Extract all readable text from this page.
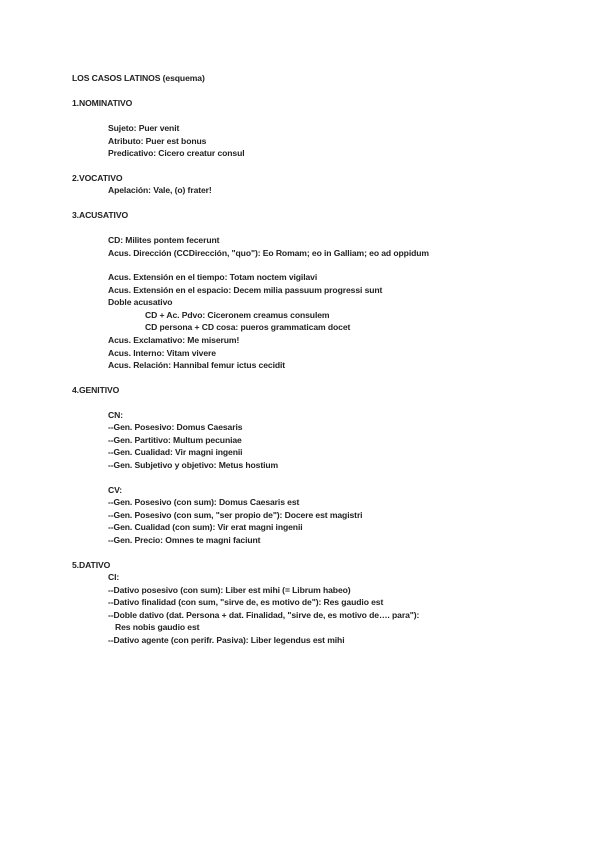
LOS CASOS LATINOS (esquema)
1.NOMINATIVO
Sujeto: Puer venit
Atributo: Puer est bonus
Predicativo: Cicero creatur consul
2.VOCATIVO
Apelación: Vale, (o) frater!
3.ACUSATIVO
CD: Milites pontem fecerunt
Acus. Dirección (CCDirección, "quo"): Eo Romam; eo in Galliam; eo ad oppidum
Acus. Extensión en el tiempo: Totam noctem vigilavi
Acus. Extensión en el espacio: Decem milia passuum progressi sunt
Doble acusativo
CD + Ac. Pdvo: Ciceronem creamus consulem
CD persona + CD cosa: pueros grammaticam docet
Acus. Exclamativo: Me miserum!
Acus. Interno: Vitam vivere
Acus. Relación: Hannibal femur ictus cecidit
4.GENITIVO
CN:
--Gen. Posesivo: Domus Caesaris
--Gen. Partitivo: Multum pecuniae
--Gen. Cualidad: Vir magni ingenii
--Gen. Subjetivo y objetivo: Metus hostium
CV:
--Gen. Posesivo (con sum): Domus Caesaris est
--Gen. Posesivo (con sum, "ser propio de"): Docere est magistri
--Gen. Cualidad (con sum): Vir erat magni ingenii
--Gen. Precio: Omnes te magni faciunt
5.DATIVO
CI:
--Dativo posesivo (con sum): Liber est mihi (= Librum habeo)
--Dativo finalidad (con sum, "sirve de, es motivo de"): Res gaudio est
--Doble dativo (dat. Persona + dat. Finalidad, "sirve de, es motivo de…. para"):
Res nobis gaudio est
--Dativo agente (con perifr. Pasiva): Liber legendus est mihi
